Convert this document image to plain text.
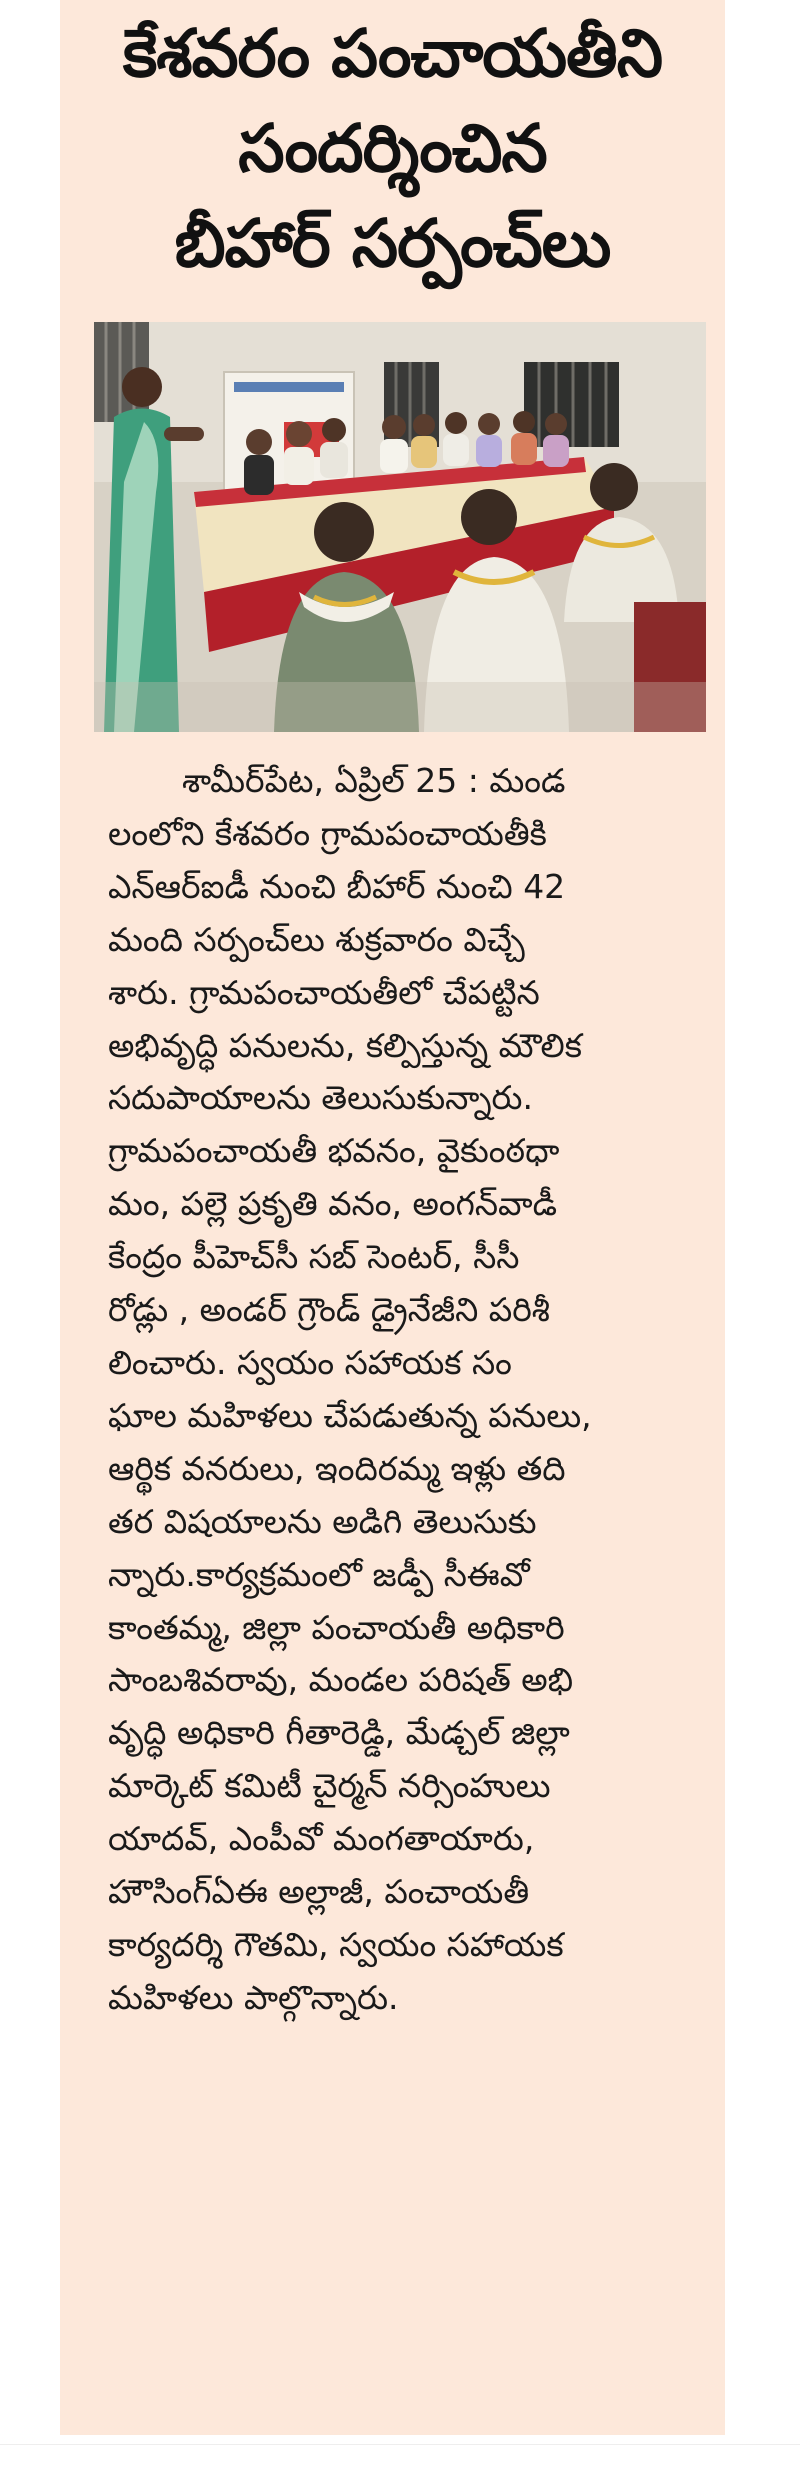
కేశవరం పంచాయతీని
సందర్శించిన
బీహార్ సర్పంచ్‌లు
శామీర్‌పేట, ఏప్రిల్ 25 : మండ
లంలోని కేశవరం గ్రామపంచాయతీకి
ఎన్ఆర్ఐడీ నుంచి బీహార్ నుంచి 42
మంది సర్పంచ్‌లు శుక్రవారం విచ్చే
శారు. గ్రామపంచాయతీలో చేపట్టిన
అభివృద్ధి పనులను, కల్పిస్తున్న మౌలిక
సదుపాయాలను తెలుసుకున్నారు.
గ్రామపంచాయతీ భవనం, వైకుంఠధా
మం, పల్లె ప్రకృతి వనం, అంగన్‌వాడీ
కేంద్రం పీహెచ్‌సీ సబ్ సెంటర్, సీసీ
రోడ్లు , అండర్ గ్రౌండ్ డ్రైనేజీని పరిశీ
లించారు. స్వయం సహాయక సం
ఘాల మహిళలు చేపడుతున్న పనులు,
ఆర్థిక వనరులు, ఇందిరమ్మ ఇళ్లు తది
తర విషయాలను అడిగి తెలుసుకు
న్నారు.కార్యక్రమంలో జడ్పీ సీఈవో
కాంతమ్మ, జిల్లా పంచాయతీ అధికారి
సాంబశివరావు, మండల పరిషత్ అభి
వృద్ధి అధికారి గీతారెడ్డి, మేడ్చల్ జిల్లా
మార్కెట్ కమిటీ చైర్మన్ నర్సింహులు
యాదవ్, ఎంపీవో మంగతాయారు,
హౌసింగ్ఏఈ అల్లాజీ, పంచాయతీ
కార్యదర్శి గౌతమి, స్వయం సహాయక
మహిళలు పాల్గొన్నారు.
